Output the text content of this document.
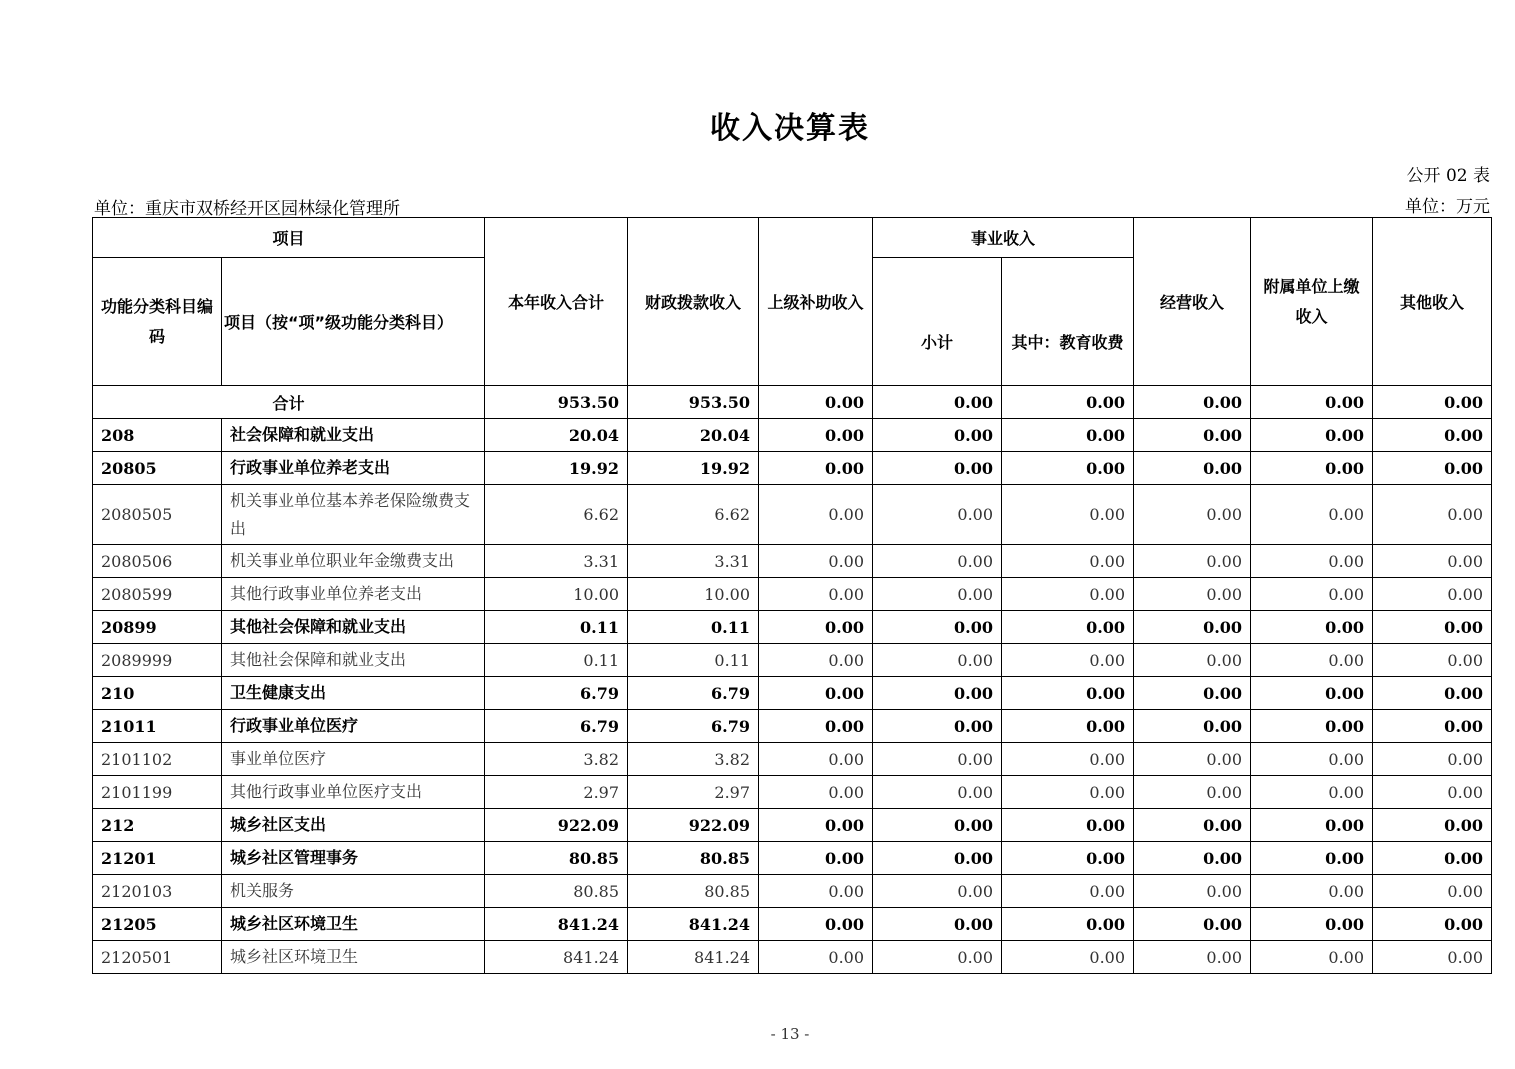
收入决算表
公开 02 表
单位：重庆市双桥经开区园林绿化管理所	单位：万元
项目		本年收入合计	财政拨款收入	上级补助收入	事业收入		经营收入	附属单位上缴收入	其他收入
功能分类科目编码	项目（按“项”级功能分类科目）				小计	其中：教育收费			
合计		953.50	953.50	0.00	0.00	0.00	0.00	0.00	0.00
208	社会保障和就业支出	20.04	20.04	0.00	0.00	0.00	0.00	0.00	0.00
20805	行政事业单位养老支出	19.92	19.92	0.00	0.00	0.00	0.00	0.00	0.00
2080505	机关事业单位基本养老保险缴费支出	6.62	6.62	0.00	0.00	0.00	0.00	0.00	0.00
2080506	机关事业单位职业年金缴费支出	3.31	3.31	0.00	0.00	0.00	0.00	0.00	0.00
2080599	其他行政事业单位养老支出	10.00	10.00	0.00	0.00	0.00	0.00	0.00	0.00
20899	其他社会保障和就业支出	0.11	0.11	0.00	0.00	0.00	0.00	0.00	0.00
2089999	其他社会保障和就业支出	0.11	0.11	0.00	0.00	0.00	0.00	0.00	0.00
210	卫生健康支出	6.79	6.79	0.00	0.00	0.00	0.00	0.00	0.00
21011	行政事业单位医疗	6.79	6.79	0.00	0.00	0.00	0.00	0.00	0.00
2101102	事业单位医疗	3.82	3.82	0.00	0.00	0.00	0.00	0.00	0.00
2101199	其他行政事业单位医疗支出	2.97	2.97	0.00	0.00	0.00	0.00	0.00	0.00
212	城乡社区支出	922.09	922.09	0.00	0.00	0.00	0.00	0.00	0.00
21201	城乡社区管理事务	80.85	80.85	0.00	0.00	0.00	0.00	0.00	0.00
2120103	机关服务	80.85	80.85	0.00	0.00	0.00	0.00	0.00	0.00
21205	城乡社区环境卫生	841.24	841.24	0.00	0.00	0.00	0.00	0.00	0.00
2120501	城乡社区环境卫生	841.24	841.24	0.00	0.00	0.00	0.00	0.00	0.00
- 13 -
